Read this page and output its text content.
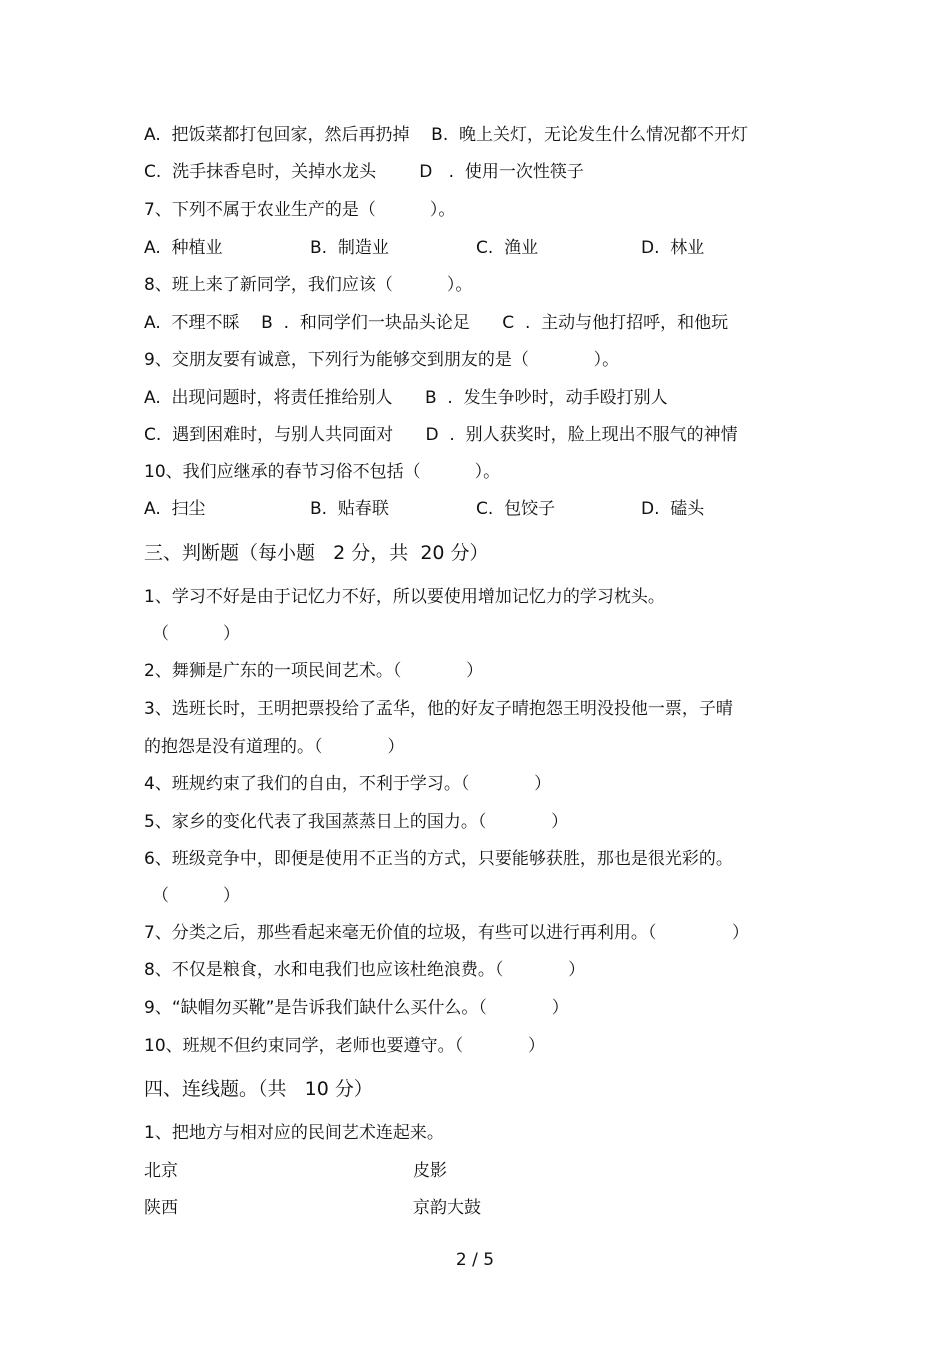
A.  把饭菜都打包回家，然后再扔掉    B.  晚上关灯，无论发生什么情况都不开灯
C.  洗手抹香皂时，关掉水龙头        D   .  使用一次性筷子
7、下列不属于农业生产的是（          ）。
A.  种植业	B.  制造业	C.  渔业	D.  林业
8、班上来了新同学，我们应该（          ）。
A.  不理不睬    B  .  和同学们一块品头论足      C  .  主动与他打招呼，和他玩
9、交朋友要有诚意，下列行为能够交到朋友的是（            ）。
A.  出现问题时，将责任推给别人      B  .  发生争吵时，动手殴打别人
C.  遇到困难时，与别人共同面对      D  .  别人获奖时，脸上现出不服气的神情
10、我们应继承的春节习俗不包括（          ）。
A.  扫尘	B.  贴春联	C.  包饺子	D.  磕头
三、判断题（每小题   2 分，共  20 分）
1、学习不好是由于记忆力不好，所以要使用增加记忆力的学习枕头。
（          ）
2、舞狮是广东的一项民间艺术。（            ）
3、选班长时，王明把票投给了孟华，他的好友子晴抱怨王明没投他一票，子晴
的抱怨是没有道理的。（            ）
4、班规约束了我们的自由，不利于学习。（            ）
5、家乡的变化代表了我国蒸蒸日上的国力。（            ）
6、班级竞争中，即便是使用不正当的方式，只要能够获胜，那也是很光彩的。
（          ）
7、分类之后，那些看起来毫无价值的垃圾，有些可以进行再利用。（              ）
8、不仅是粮食，水和电我们也应该杜绝浪费。（            ）
9、“缺帽勿买靴”是告诉我们缺什么买什么。（            ）
10、班规不但约束同学，老师也要遵守。（            ）
四、连线题。（共   10 分）
1、把地方与相对应的民间艺术连起来。
北京	皮影
陕西	京韵大鼓
2 / 5
